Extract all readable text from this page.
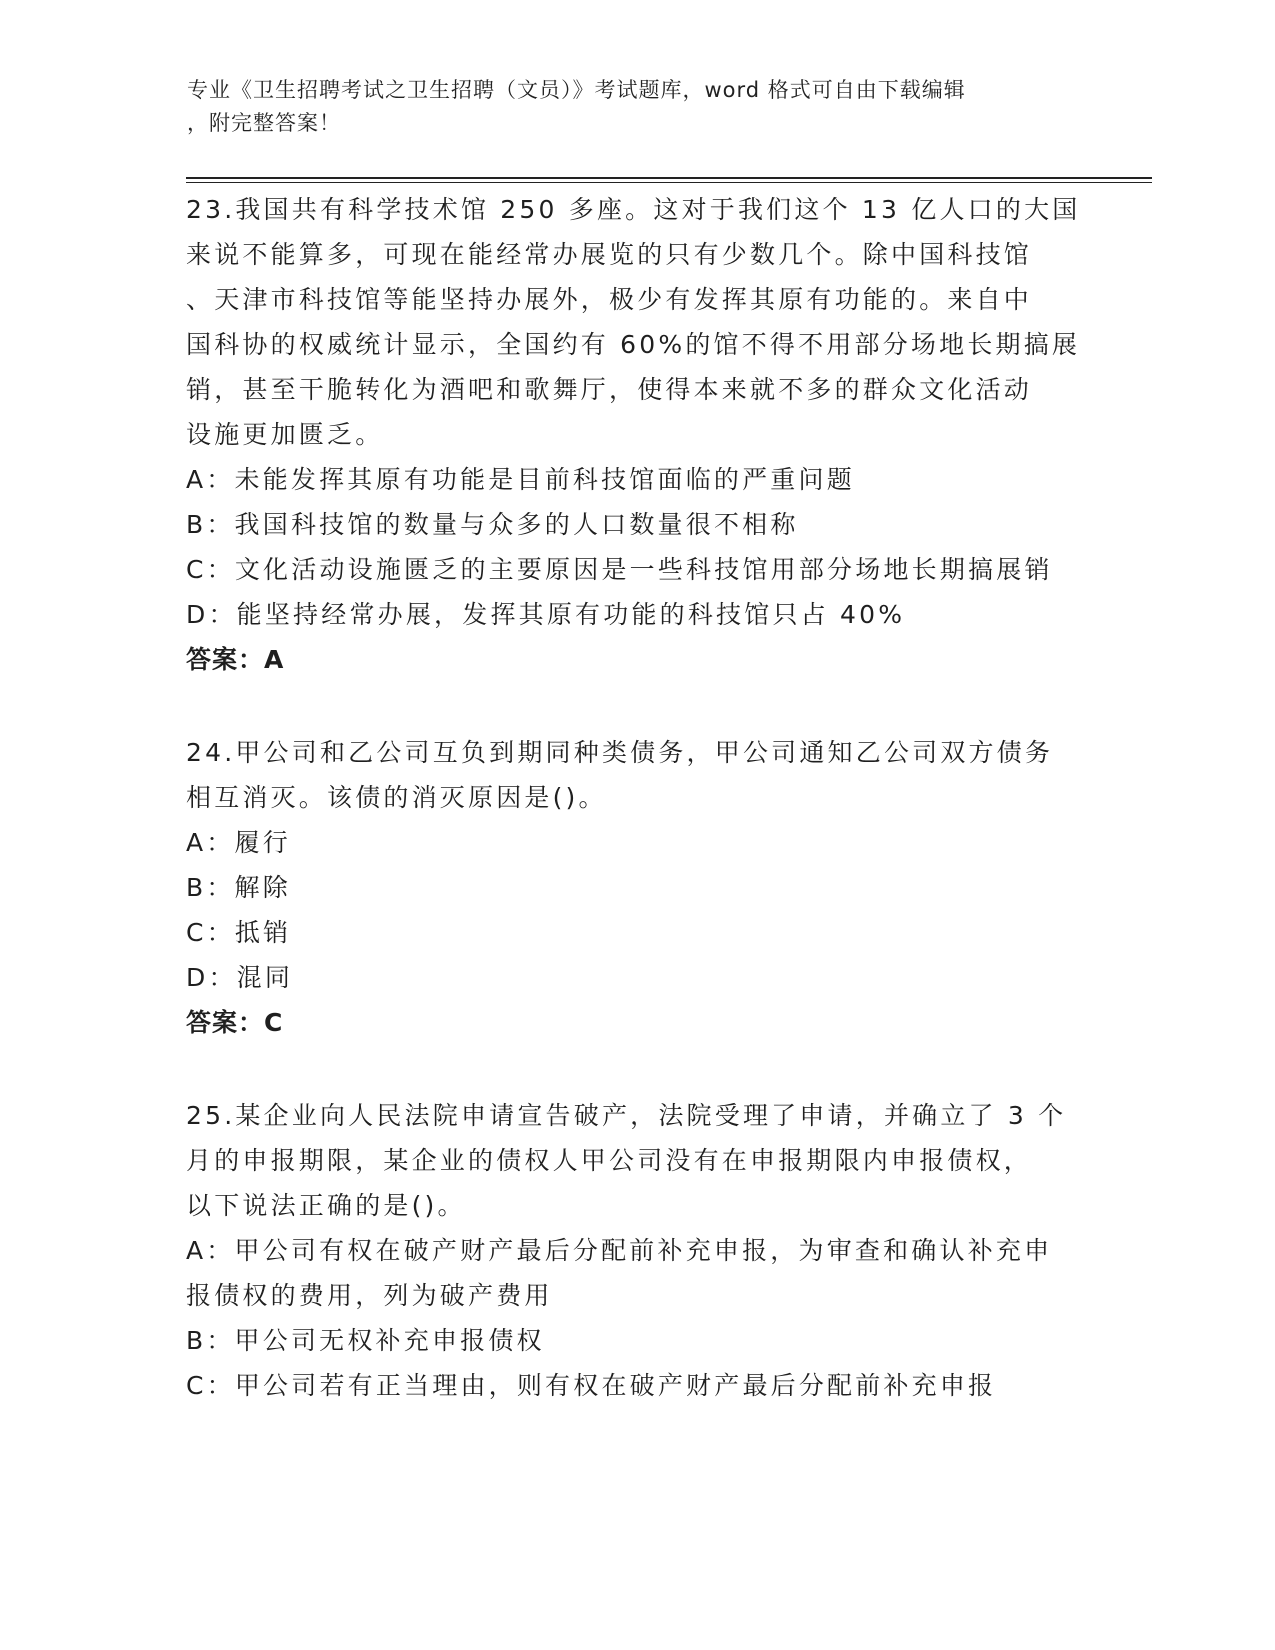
专业《卫生招聘考试之卫生招聘（文员）》考试题库，word 格式可自由下载编辑
，附完整答案！
23.我国共有科学技术馆 250 多座。这对于我们这个 13 亿人口的大国
来说不能算多，可现在能经常办展览的只有少数几个。除中国科技馆
、天津市科技馆等能坚持办展外，极少有发挥其原有功能的。来自中
国科协的权威统计显示，全国约有 60%的馆不得不用部分场地长期搞展
销，甚至干脆转化为酒吧和歌舞厅，使得本来就不多的群众文化活动
设施更加匮乏。
A：未能发挥其原有功能是目前科技馆面临的严重问题
B：我国科技馆的数量与众多的人口数量很不相称
C：文化活动设施匮乏的主要原因是一些科技馆用部分场地长期搞展销
D：能坚持经常办展，发挥其原有功能的科技馆只占 40%
答案：A
24.甲公司和乙公司互负到期同种类债务，甲公司通知乙公司双方债务
相互消灭。该债的消灭原因是()。
A：履行
B：解除
C：抵销
D：混同
答案：C
25.某企业向人民法院申请宣告破产，法院受理了申请，并确立了 3 个
月的申报期限，某企业的债权人甲公司没有在申报期限内申报债权，
以下说法正确的是()。
A：甲公司有权在破产财产最后分配前补充申报，为审查和确认补充申
报债权的费用，列为破产费用
B：甲公司无权补充申报债权
C：甲公司若有正当理由，则有权在破产财产最后分配前补充申报
